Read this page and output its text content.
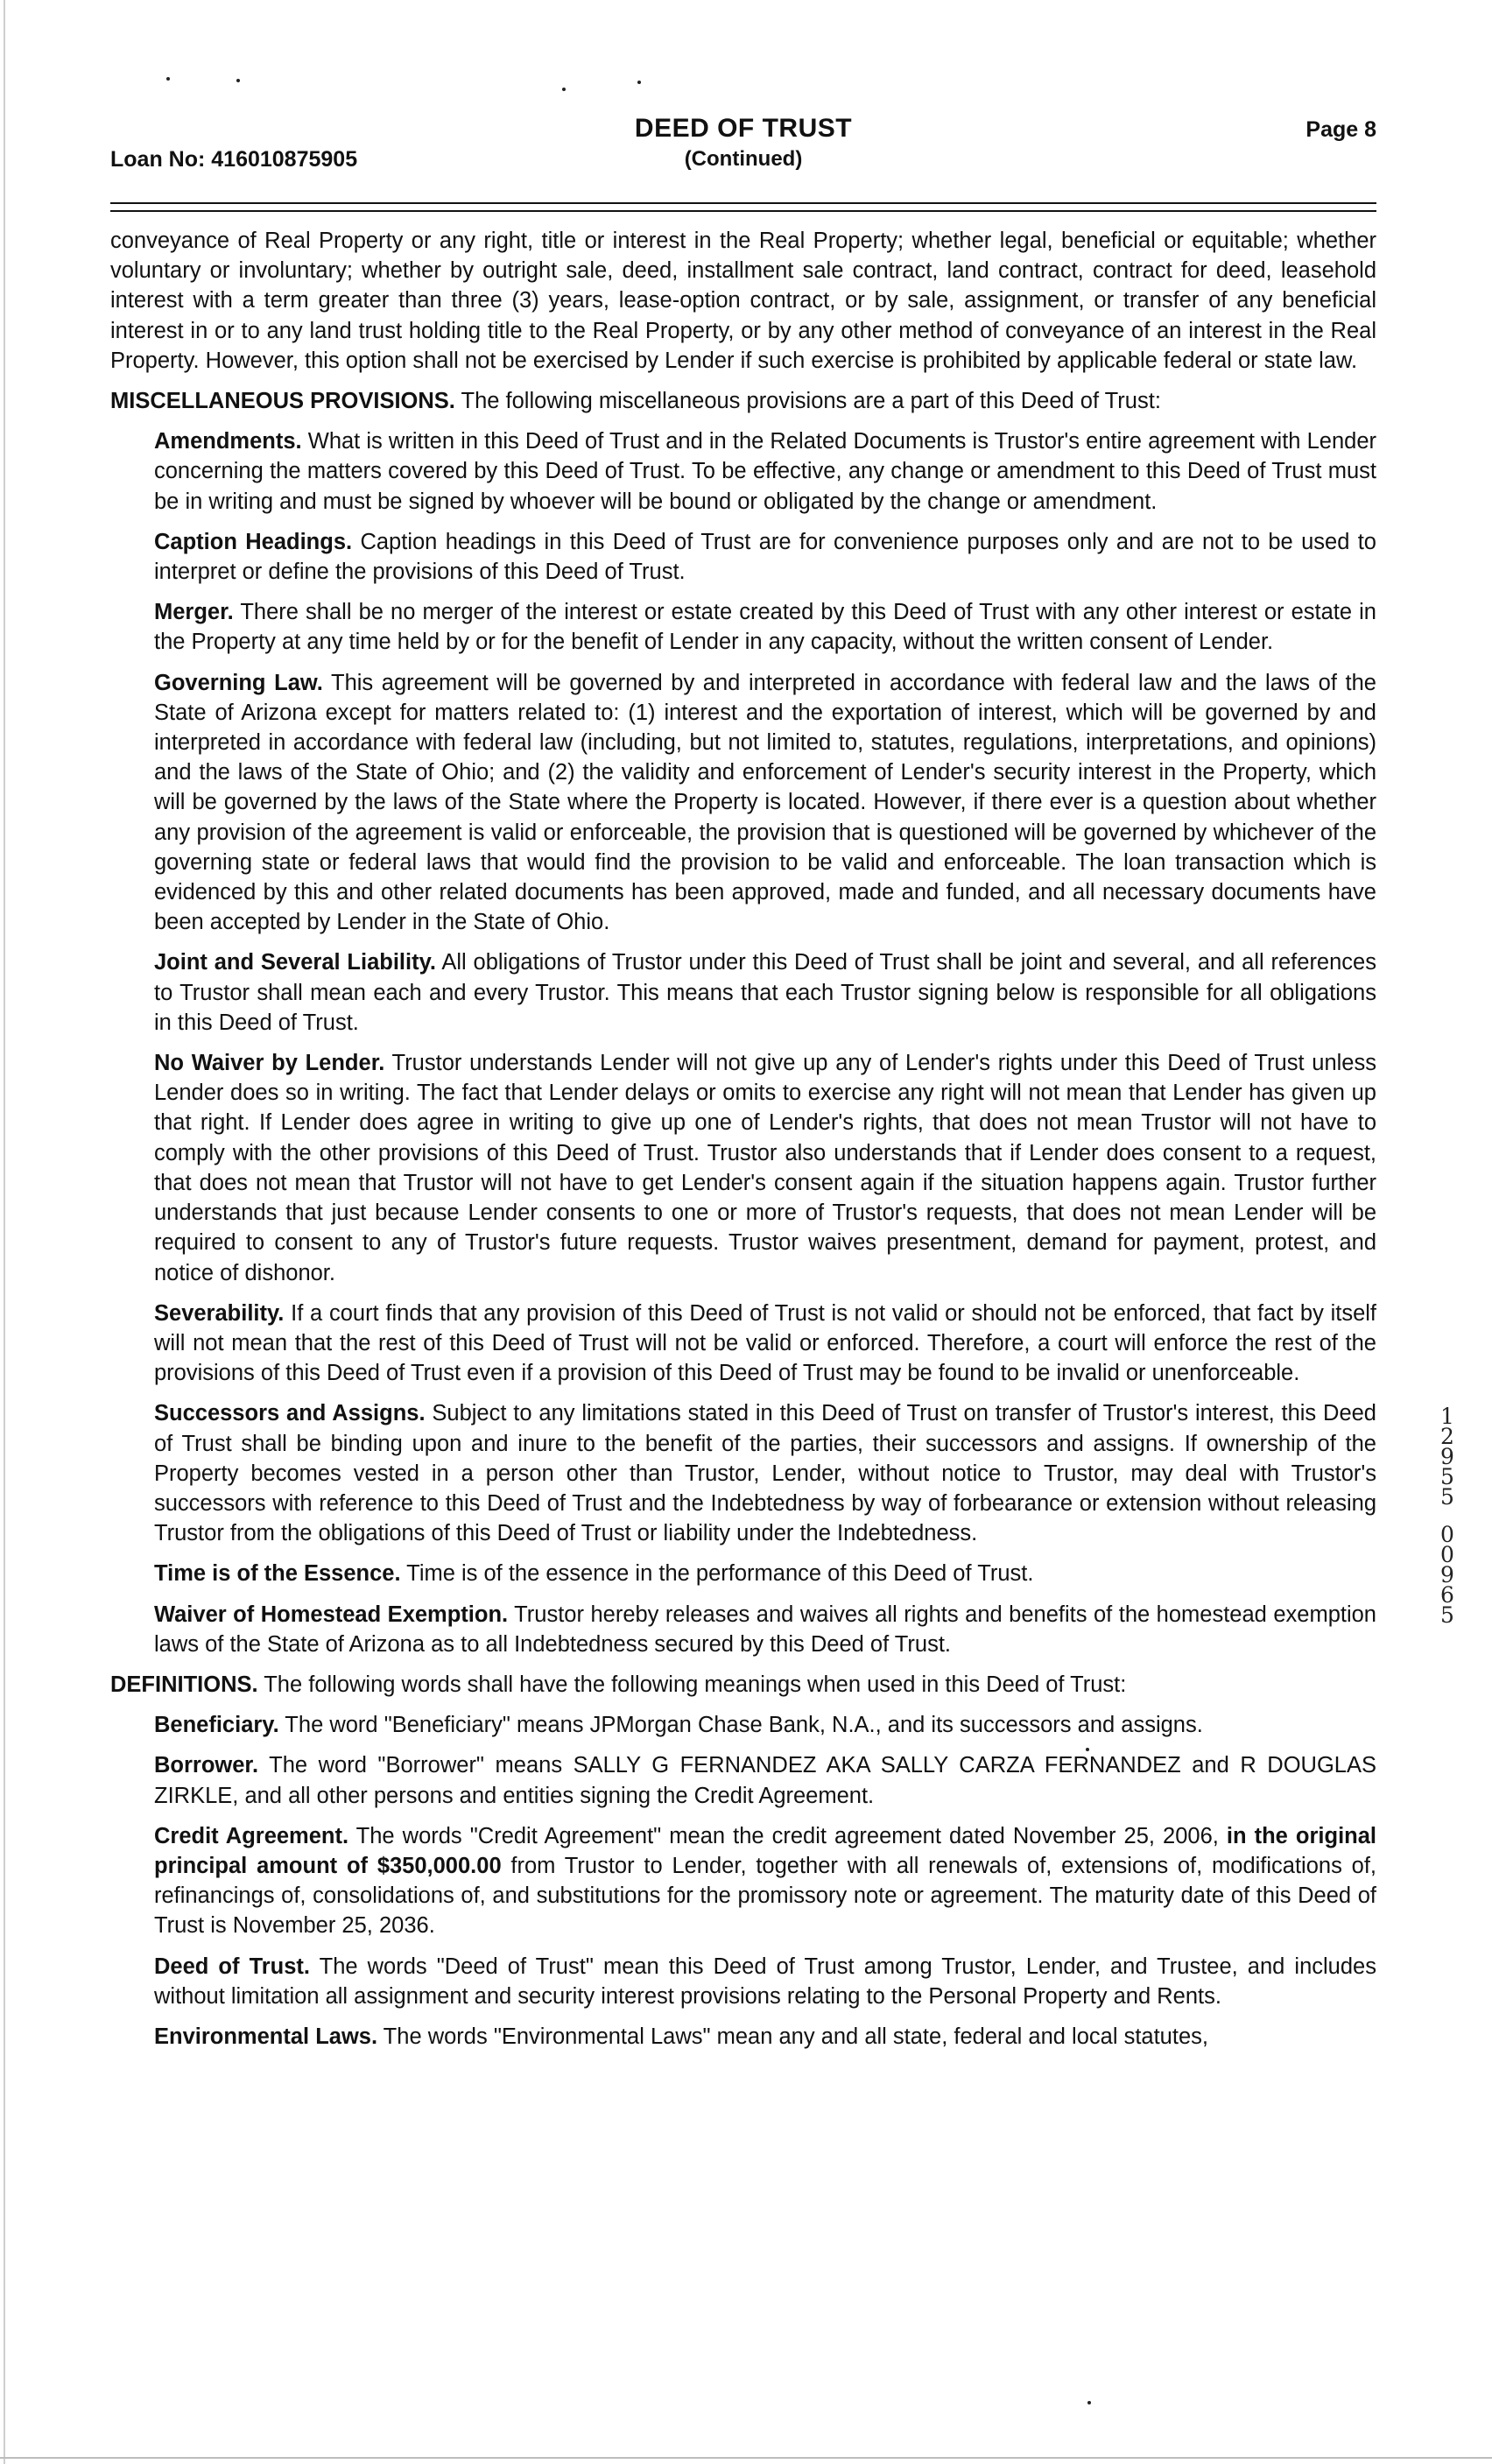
Loan No: 416010875905
DEED OF TRUST
(Continued)
Page 8

conveyance of Real Property or any right, title or interest in the Real Property; whether legal, beneficial or equitable; whether voluntary or involuntary; whether by outright sale, deed, installment sale contract, land contract, contract for deed, leasehold interest with a term greater than three (3) years, lease-option contract, or by sale, assignment, or transfer of any beneficial interest in or to any land trust holding title to the Real Property, or by any other method of conveyance of an interest in the Real Property. However, this option shall not be exercised by Lender if such exercise is prohibited by applicable federal or state law.

MISCELLANEOUS PROVISIONS. The following miscellaneous provisions are a part of this Deed of Trust:

Amendments. What is written in this Deed of Trust and in the Related Documents is Trustor's entire agreement with Lender concerning the matters covered by this Deed of Trust. To be effective, any change or amendment to this Deed of Trust must be in writing and must be signed by whoever will be bound or obligated by the change or amendment.

Caption Headings. Caption headings in this Deed of Trust are for convenience purposes only and are not to be used to interpret or define the provisions of this Deed of Trust.

Merger. There shall be no merger of the interest or estate created by this Deed of Trust with any other interest or estate in the Property at any time held by or for the benefit of Lender in any capacity, without the written consent of Lender.

Governing Law. This agreement will be governed by and interpreted in accordance with federal law and the laws of the State of Arizona except for matters related to: (1) interest and the exportation of interest, which will be governed by and interpreted in accordance with federal law (including, but not limited to, statutes, regulations, interpretations, and opinions) and the laws of the State of Ohio; and (2) the validity and enforcement of Lender's security interest in the Property, which will be governed by the laws of the State where the Property is located. However, if there ever is a question about whether any provision of the agreement is valid or enforceable, the provision that is questioned will be governed by whichever of the governing state or federal laws that would find the provision to be valid and enforceable. The loan transaction which is evidenced by this and other related documents has been approved, made and funded, and all necessary documents have been accepted by Lender in the State of Ohio.

Joint and Several Liability. All obligations of Trustor under this Deed of Trust shall be joint and several, and all references to Trustor shall mean each and every Trustor. This means that each Trustor signing below is responsible for all obligations in this Deed of Trust.

No Waiver by Lender. Trustor understands Lender will not give up any of Lender's rights under this Deed of Trust unless Lender does so in writing. The fact that Lender delays or omits to exercise any right will not mean that Lender has given up that right. If Lender does agree in writing to give up one of Lender's rights, that does not mean Trustor will not have to comply with the other provisions of this Deed of Trust. Trustor also understands that if Lender does consent to a request, that does not mean that Trustor will not have to get Lender's consent again if the situation happens again. Trustor further understands that just because Lender consents to one or more of Trustor's requests, that does not mean Lender will be required to consent to any of Trustor's future requests. Trustor waives presentment, demand for payment, protest, and notice of dishonor.

Severability. If a court finds that any provision of this Deed of Trust is not valid or should not be enforced, that fact by itself will not mean that the rest of this Deed of Trust will not be valid or enforced. Therefore, a court will enforce the rest of the provisions of this Deed of Trust even if a provision of this Deed of Trust may be found to be invalid or unenforceable.

Successors and Assigns. Subject to any limitations stated in this Deed of Trust on transfer of Trustor's interest, this Deed of Trust shall be binding upon and inure to the benefit of the parties, their successors and assigns. If ownership of the Property becomes vested in a person other than Trustor, Lender, without notice to Trustor, may deal with Trustor's successors with reference to this Deed of Trust and the Indebtedness by way of forbearance or extension without releasing Trustor from the obligations of this Deed of Trust or liability under the Indebtedness.

Time is of the Essence. Time is of the essence in the performance of this Deed of Trust.

Waiver of Homestead Exemption. Trustor hereby releases and waives all rights and benefits of the homestead exemption laws of the State of Arizona as to all Indebtedness secured by this Deed of Trust.

DEFINITIONS. The following words shall have the following meanings when used in this Deed of Trust:

Beneficiary. The word "Beneficiary" means JPMorgan Chase Bank, N.A., and its successors and assigns.

Borrower. The word "Borrower" means SALLY G FERNANDEZ AKA SALLY CARZA FERNANDEZ and R DOUGLAS ZIRKLE, and all other persons and entities signing the Credit Agreement.

Credit Agreement. The words "Credit Agreement" mean the credit agreement dated November 25, 2006, in the original principal amount of $350,000.00 from Trustor to Lender, together with all renewals of, extensions of, modifications of, refinancings of, consolidations of, and substitutions for the promissory note or agreement. The maturity date of this Deed of Trust is November 25, 2036.

Deed of Trust. The words "Deed of Trust" mean this Deed of Trust among Trustor, Lender, and Trustee, and includes without limitation all assignment and security interest provisions relating to the Personal Property and Rents.

Environmental Laws. The words "Environmental Laws" mean any and all state, federal and local statutes,

1
2
9
5
5
0
0
9
6
5
